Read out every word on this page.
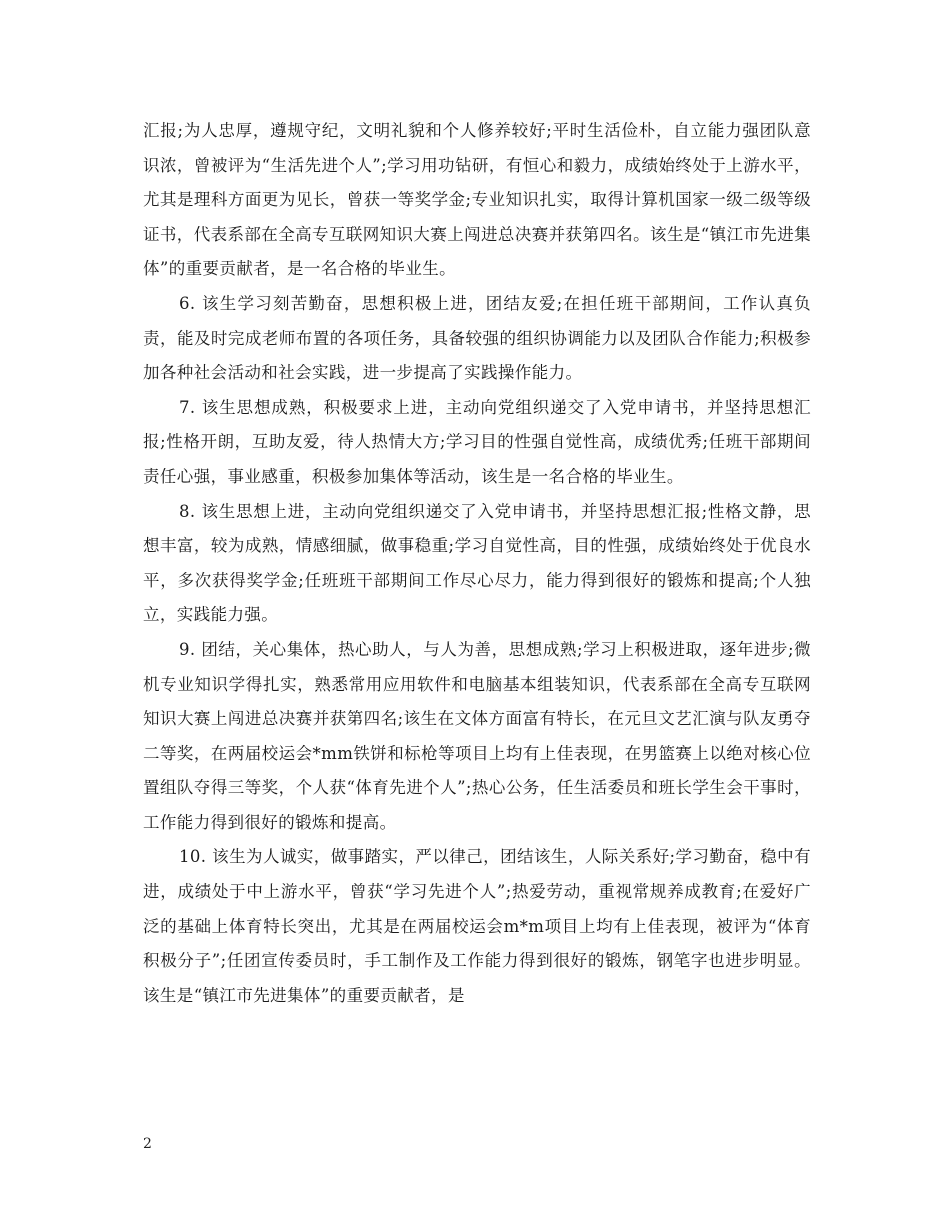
汇报;为人忠厚，遵规守纪，文明礼貌和个人修养较好;平时生活俭朴，自立能力强团队意识浓，曾被评为“生活先进个人”;学习用功钻研，有恒心和毅力，成绩始终处于上游水平，尤其是理科方面更为见长，曾获一等奖学金;专业知识扎实，取得计算机国家一级二级等级证书，代表系部在全高专互联网知识大赛上闯进总决赛并获第四名。该生是“镇江市先进集体”的重要贡献者，是一名合格的毕业生。

6. 该生学习刻苦勤奋，思想积极上进，团结友爱;在担任班干部期间，工作认真负责，能及时完成老师布置的各项任务，具备较强的组织协调能力以及团队合作能力;积极参加各种社会活动和社会实践，进一步提高了实践操作能力。

7. 该生思想成熟，积极要求上进，主动向党组织递交了入党申请书，并坚持思想汇报;性格开朗，互助友爱，待人热情大方;学习目的性强自觉性高，成绩优秀;任班干部期间责任心强，事业感重，积极参加集体等活动，该生是一名合格的毕业生。

8. 该生思想上进，主动向党组织递交了入党申请书，并坚持思想汇报;性格文静，思想丰富，较为成熟，情感细腻，做事稳重;学习自觉性高，目的性强，成绩始终处于优良水平，多次获得奖学金;任班班干部期间工作尽心尽力，能力得到很好的锻炼和提高;个人独立，实践能力强。

9. 团结，关心集体，热心助人，与人为善，思想成熟;学习上积极进取，逐年进步;微机专业知识学得扎实，熟悉常用应用软件和电脑基本组装知识，代表系部在全高专互联网知识大赛上闯进总决赛并获第四名;该生在文体方面富有特长，在元旦文艺汇演与队友勇夺二等奖，在两届校运会*mm铁饼和标枪等项目上均有上佳表现，在男篮赛上以绝对核心位置组队夺得三等奖，个人获“体育先进个人”;热心公务，任生活委员和班长学生会干事时，工作能力得到很好的锻炼和提高。

10. 该生为人诚实，做事踏实，严以律己，团结该生，人际关系好;学习勤奋，稳中有进，成绩处于中上游水平，曾获“学习先进个人”;热爱劳动，重视常规养成教育;在爱好广泛的基础上体育特长突出，尤其是在两届校运会m*m项目上均有上佳表现，被评为“体育积极分子”;任团宣传委员时，手工制作及工作能力得到很好的锻炼，钢笔字也进步明显。该生是“镇江市先进集体”的重要贡献者，是

2
